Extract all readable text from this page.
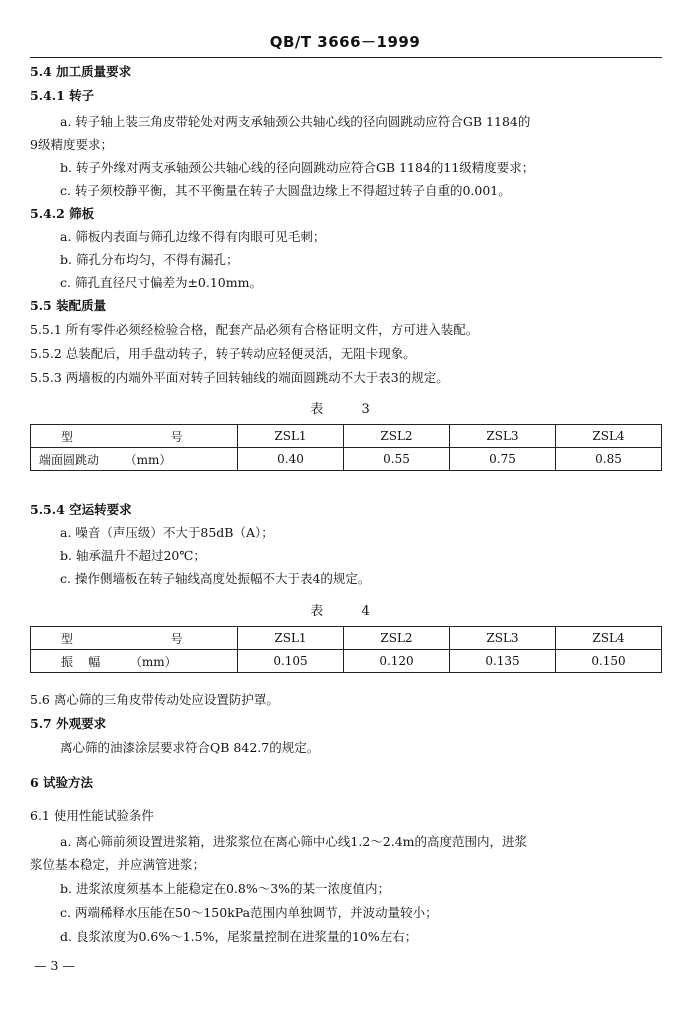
QB/T 3666－1999
5.4 加工质量要求
5.4.1 转子
a. 转子轴上装三角皮带轮处对两支承轴颈公共轴心线的径向圆跳动应符合GB 1184的
9级精度要求；
b. 转子外缘对两支承轴颈公共轴心线的径向圆跳动应符合GB 1184的11级精度要求；
c. 转子须校静平衡，其不平衡量在转子大圆盘边缘上不得超过转子自重的0.001。
5.4.2 筛板
a. 筛板内表面与筛孔边缘不得有肉眼可见毛刺；
b. 筛孔分布均匀，不得有漏孔；
c. 筛孔直径尺寸偏差为±0.10mm。
5.5 装配质量
5.5.1 所有零件必须经检验合格，配套产品必须有合格证明文件，方可进入装配。
5.5.2 总装配后，用手盘动转子，转子转动应轻便灵活，无阻卡现象。
5.5.3 两墙板的内端外平面对转子回转轴线的端面圆跳动不大于表3的规定。
表  3
型 号	ZSL1	ZSL2	ZSL3	ZSL4
端面圆跳动 （mm）	0.40	0.55	0.75	0.85
5.5.4 空运转要求
a. 噪音（声压级）不大于85dB（A）；
b. 轴承温升不超过20℃；
c. 操作侧墙板在转子轴线高度处振幅不大于表4的规定。
表  4
型 号	ZSL1	ZSL2	ZSL3	ZSL4
振    幅 （mm）	0.105	0.120	0.135	0.150
5.6 离心筛的三角皮带传动处应设置防护罩。
5.7 外观要求
离心筛的油漆涂层要求符合QB 842.7的规定。
6 试验方法
6.1 使用性能试验条件
a. 离心筛前须设置进浆箱，进浆浆位在离心筛中心线1.2～2.4m的高度范围内，进浆
浆位基本稳定，并应满管进浆；
b. 进浆浓度须基本上能稳定在0.8%～3%的某一浓度值内；
c. 两端稀释水压能在50～150kPa范围内单独调节，并波动量较小；
d. 良浆浓度为0.6%～1.5%，尾浆量控制在进浆量的10%左右；
— 3 —
